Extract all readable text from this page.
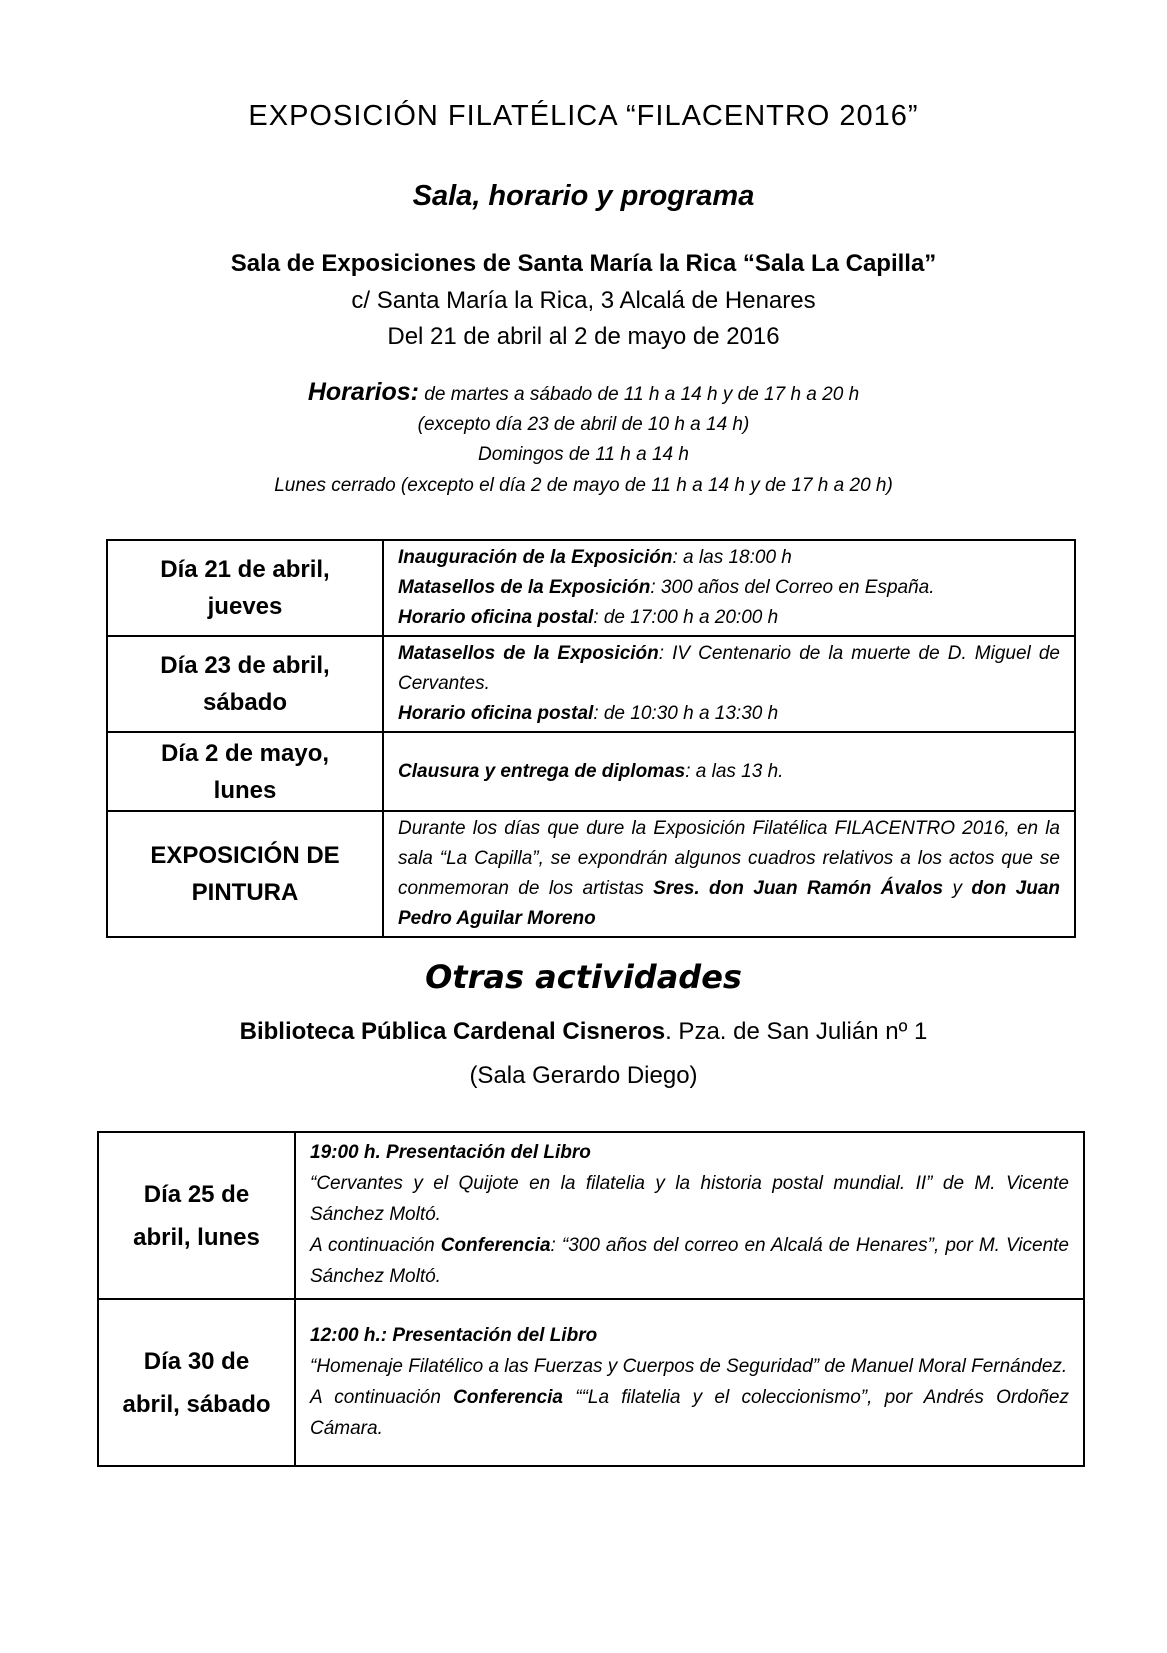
EXPOSICIÓN FILATÉLICA “FILACENTRO 2016”
Sala, horario y programa
Sala de Exposiciones de Santa María la Rica “Sala La Capilla”
c/ Santa María la Rica, 3 Alcalá de Henares
Del 21 de abril al 2 de mayo de 2016
Horarios: de martes a sábado de 11 h a 14 h y de 17 h a 20 h
(excepto día 23 de abril de 10 h a 14 h)
Domingos de 11 h a 14 h
Lunes cerrado (excepto el día 2 de mayo de 11 h a 14 h y de 17 h a 20 h)
Día 21 de abril,
jueves	Inauguración de la Exposición: a las 18:00 h
Matasellos de la Exposición: 300 años del Correo en España.
Horario oficina postal: de 17:00 h a 20:00 h
Día 23 de abril,
sábado	Matasellos de la Exposición: IV Centenario de la muerte de D. Miguel de Cervantes.
Horario oficina postal: de 10:30 h a 13:30 h
Día 2 de mayo,
lunes	Clausura y entrega de diplomas: a las 13 h.
EXPOSICIÓN DE
PINTURA	Durante los días que dure la Exposición Filatélica FILACENTRO 2016, en la sala “La Capilla”, se expondrán algunos cuadros relativos a los actos que se conmemoran de los artistas Sres. don Juan Ramón Ávalos y don Juan Pedro Aguilar Moreno
Otras actividades
Biblioteca Pública Cardenal Cisneros. Pza. de San Julián nº 1
(Sala Gerardo Diego)
Día 25 de
abril, lunes	19:00 h. Presentación del Libro
“Cervantes y el Quijote en la filatelia y la historia postal mundial. II” de M. Vicente Sánchez Moltó.
A continuación Conferencia: “300 años del correo en Alcalá de Henares”, por M. Vicente Sánchez Moltó.
Día 30 de
abril, sábado	12:00 h.: Presentación del Libro
“Homenaje Filatélico a las Fuerzas y Cuerpos de Seguridad” de Manuel Moral Fernández.
A continuación Conferencia ““La filatelia y el coleccionismo”, por Andrés Ordoñez Cámara.
